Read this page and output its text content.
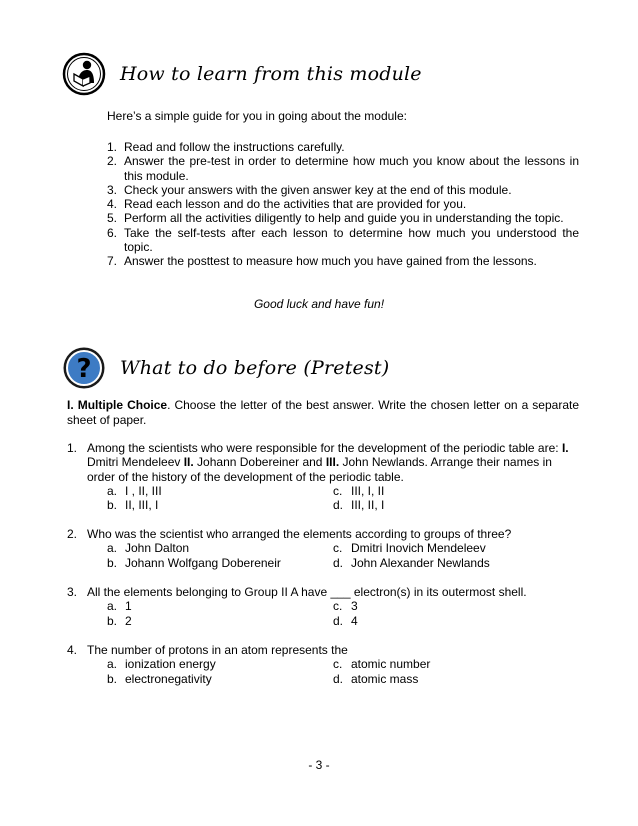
How to learn from this module
Here’s a simple guide for you in going about the module:
1. Read and follow the instructions carefully.
2. Answer the pre-test in order to determine how much you know about the lessons in this module.
3. Check your answers with the given answer key at the end of this module.
4. Read each lesson and do the activities that are provided for you.
5. Perform all the activities diligently to help and guide you in understanding the topic.
6. Take the self-tests after each lesson to determine how much you understood the topic.
7. Answer the posttest to measure how much you have gained from the lessons.
Good luck and have fun!
? What to do before (Pretest)
I. Multiple Choice. Choose the letter of the best answer. Write the chosen letter on a separate sheet of paper.
1. Among the scientists who were responsible for the development of the periodic table are: I. Dmitri Mendeleev II. Johann Dobereiner and III. John Newlands. Arrange their names in order of the history of the development of the periodic table.
a. I , II, III	c. III, I, II
b. II, III, I	d. III, II, I
2. Who was the scientist who arranged the elements according to groups of three?
a. John Dalton	c. Dmitri Inovich Mendeleev
b. Johann Wolfgang Dobereneir	d. John Alexander Newlands
3. All the elements belonging to Group II A have ___ electron(s) in its outermost shell.
a. 1	c. 3
b. 2	d. 4
4. The number of protons in an atom represents the
a. ionization energy	c. atomic number
b. electronegativity	d. atomic mass
- 3 -
